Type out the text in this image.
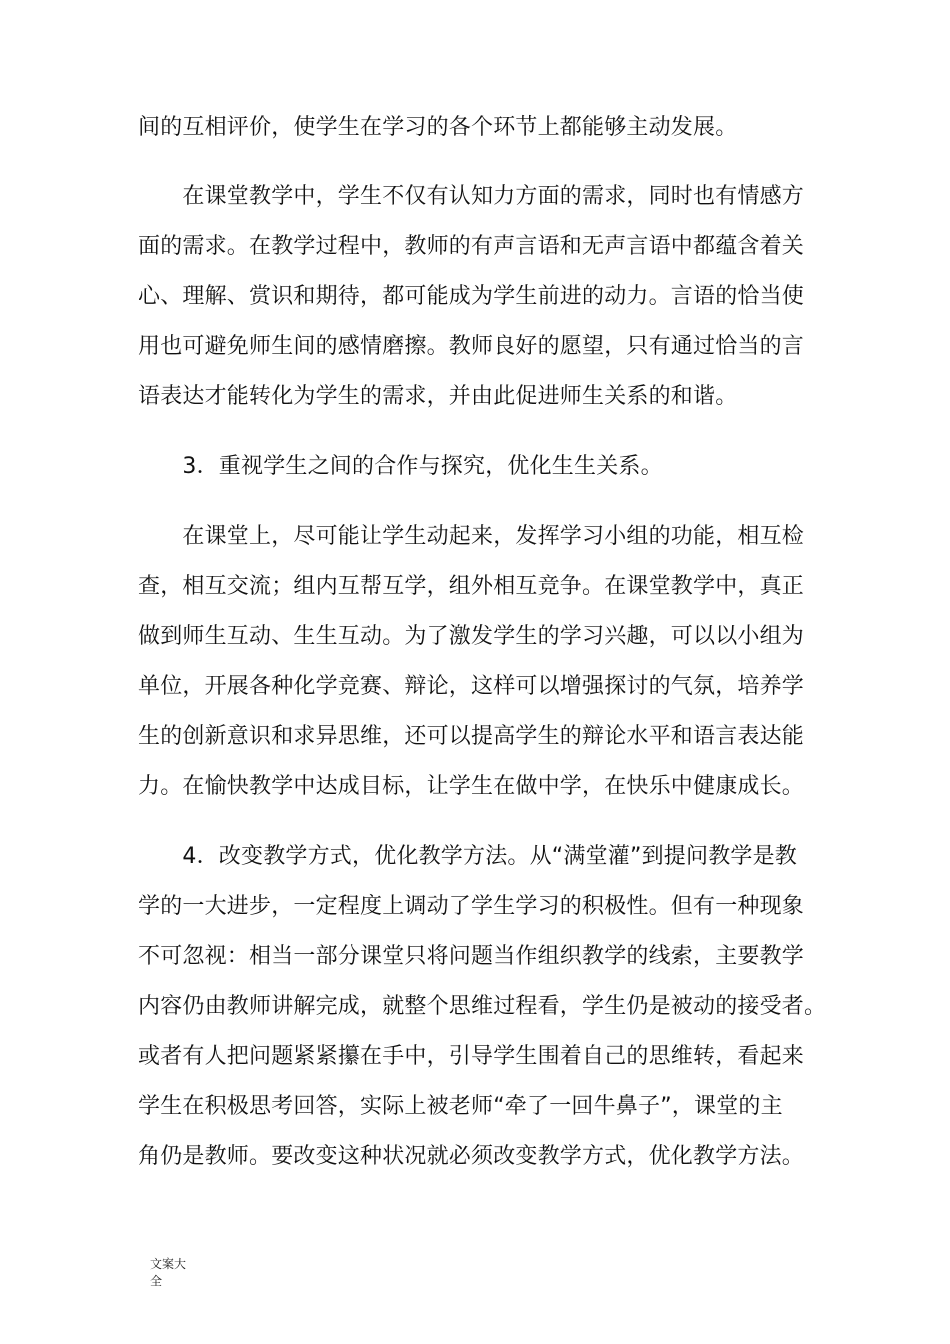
间的互相评价，使学生在学习的各个环节上都能够主动发展。
　　在课堂教学中，学生不仅有认知力方面的需求，同时也有情感方
面的需求。在教学过程中，教师的有声言语和无声言语中都蕴含着关
心、理解、赏识和期待，都可能成为学生前进的动力。言语的恰当使
用也可避免师生间的感情磨擦。教师良好的愿望，只有通过恰当的言
语表达才能转化为学生的需求，并由此促进师生关系的和谐。
　　3．重视学生之间的合作与探究，优化生生关系。
　　在课堂上，尽可能让学生动起来，发挥学习小组的功能，相互检
查，相互交流；组内互帮互学，组外相互竞争。在课堂教学中，真正
做到师生互动、生生互动。为了激发学生的学习兴趣，可以以小组为
单位，开展各种化学竞赛、辩论，这样可以增强探讨的气氛，培养学
生的创新意识和求异思维，还可以提高学生的辩论水平和语言表达能
力。在愉快教学中达成目标，让学生在做中学，在快乐中健康成长。
　　4．改变教学方式，优化教学方法。从“满堂灌”到提问教学是教
学的一大进步，一定程度上调动了学生学习的积极性。但有一种现象
不可忽视：相当一部分课堂只将问题当作组织教学的线索，主要教学
内容仍由教师讲解完成，就整个思维过程看，学生仍是被动的接受者。
或者有人把问题紧紧攥在手中，引导学生围着自己的思维转，看起来
学生在积极思考回答，实际上被老师“牵了一回牛鼻子”，课堂的主
角仍是教师。要改变这种状况就必须改变教学方式，优化教学方法。
文案大全
